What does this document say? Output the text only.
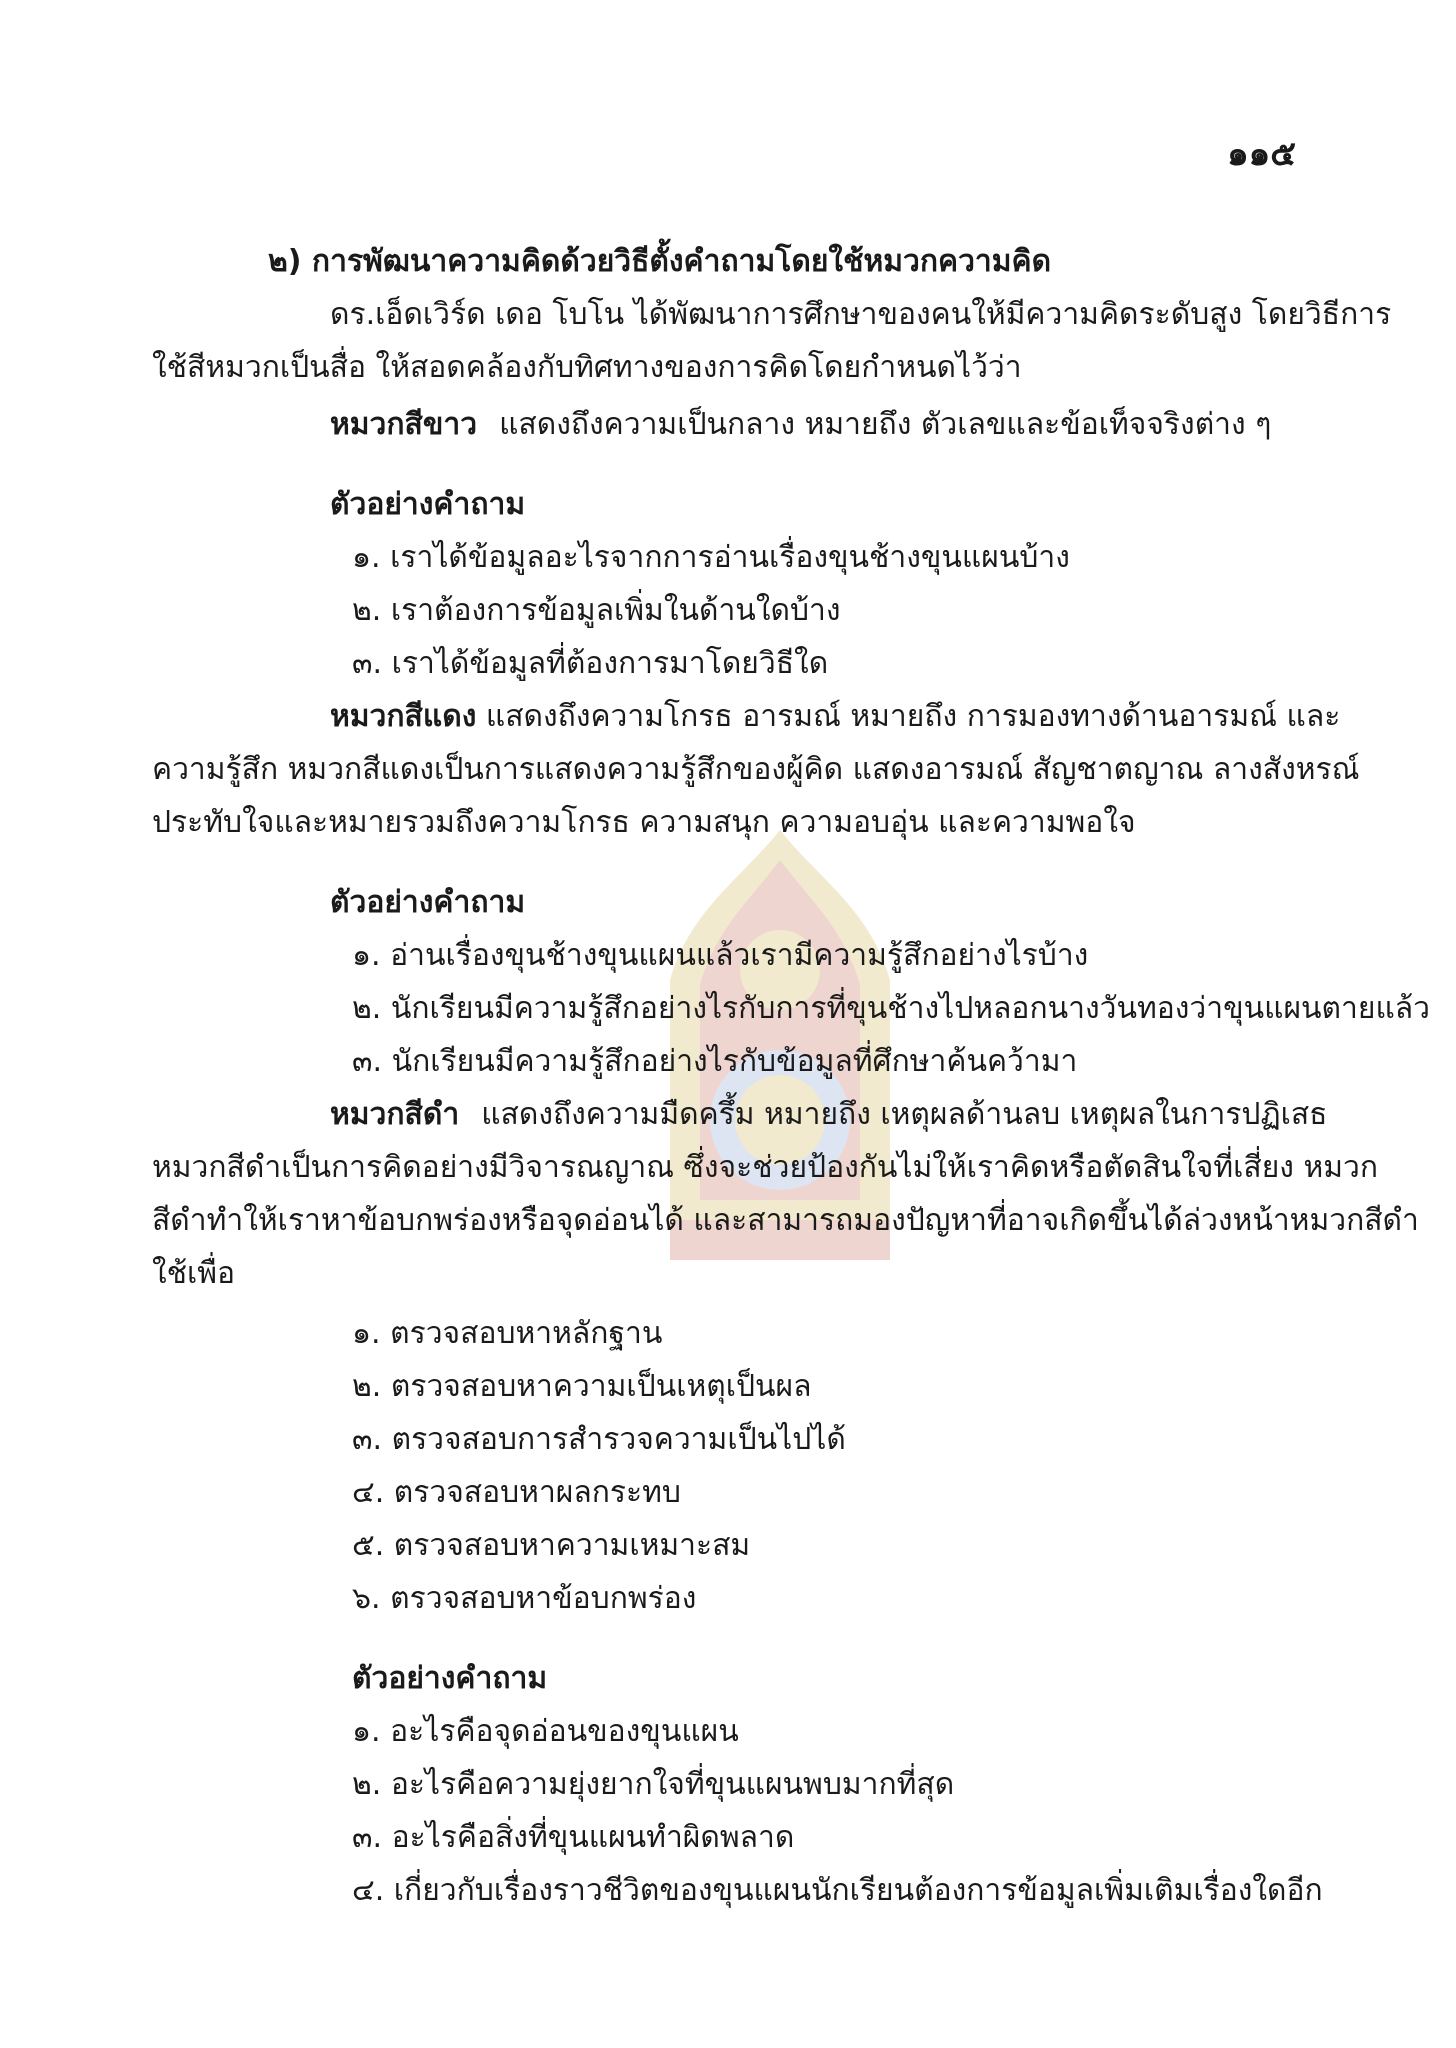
๑๑๕
๒) การพัฒนาความคิดด้วยวิธีตั้งคำถามโดยใช้หมวกความคิด
ดร.เอ็ดเวิร์ด เดอ โบโน ได้พัฒนาการศึกษาของคนให้มีความคิดระดับสูง โดยวิธีการ
ใช้สีหมวกเป็นสื่อ ให้สอดคล้องกับทิศทางของการคิดโดยกำหนดไว้ว่า
หมวกสีขาว แสดงถึงความเป็นกลาง หมายถึง ตัวเลขและข้อเท็จจริงต่าง ๆ
ตัวอย่างคำถาม
๑. เราได้ข้อมูลอะไรจากการอ่านเรื่องขุนช้างขุนแผนบ้าง
๒. เราต้องการข้อมูลเพิ่มในด้านใดบ้าง
๓. เราได้ข้อมูลที่ต้องการมาโดยวิธีใด
หมวกสีแดง แสดงถึงความโกรธ อารมณ์ หมายถึง การมองทางด้านอารมณ์ และ
ความรู้สึก หมวกสีแดงเป็นการแสดงความรู้สึกของผู้คิด แสดงอารมณ์ สัญชาตญาณ ลางสังหรณ์
ประทับใจและหมายรวมถึงความโกรธ ความสนุก ความอบอุ่น และความพอใจ
ตัวอย่างคำถาม
๑. อ่านเรื่องขุนช้างขุนแผนแล้วเรามีความรู้สึกอย่างไรบ้าง
๒. นักเรียนมีความรู้สึกอย่างไรกับการที่ขุนช้างไปหลอกนางวันทองว่าขุนแผนตายแล้ว
๓. นักเรียนมีความรู้สึกอย่างไรกับข้อมูลที่ศึกษาค้นคว้ามา
หมวกสีดำ แสดงถึงความมืดครึ้ม หมายถึง เหตุผลด้านลบ เหตุผลในการปฏิเสธ
หมวกสีดำเป็นการคิดอย่างมีวิจารณญาณ ซึ่งจะช่วยป้องกันไม่ให้เราคิดหรือตัดสินใจที่เสี่ยง หมวก
สีดำทำให้เราหาข้อบกพร่องหรือจุดอ่อนได้ และสามารถมองปัญหาที่อาจเกิดขึ้นได้ล่วงหน้าหมวกสีดำ
ใช้เพื่อ
๑. ตรวจสอบหาหลักฐาน
๒. ตรวจสอบหาความเป็นเหตุเป็นผล
๓. ตรวจสอบการสำรวจความเป็นไปได้
๔. ตรวจสอบหาผลกระทบ
๕. ตรวจสอบหาความเหมาะสม
๖. ตรวจสอบหาข้อบกพร่อง
ตัวอย่างคำถาม
๑. อะไรคือจุดอ่อนของขุนแผน
๒. อะไรคือความยุ่งยากใจที่ขุนแผนพบมากที่สุด
๓. อะไรคือสิ่งที่ขุนแผนทำผิดพลาด
๔. เกี่ยวกับเรื่องราวชีวิตของขุนแผนนักเรียนต้องการข้อมูลเพิ่มเติมเรื่องใดอีก
